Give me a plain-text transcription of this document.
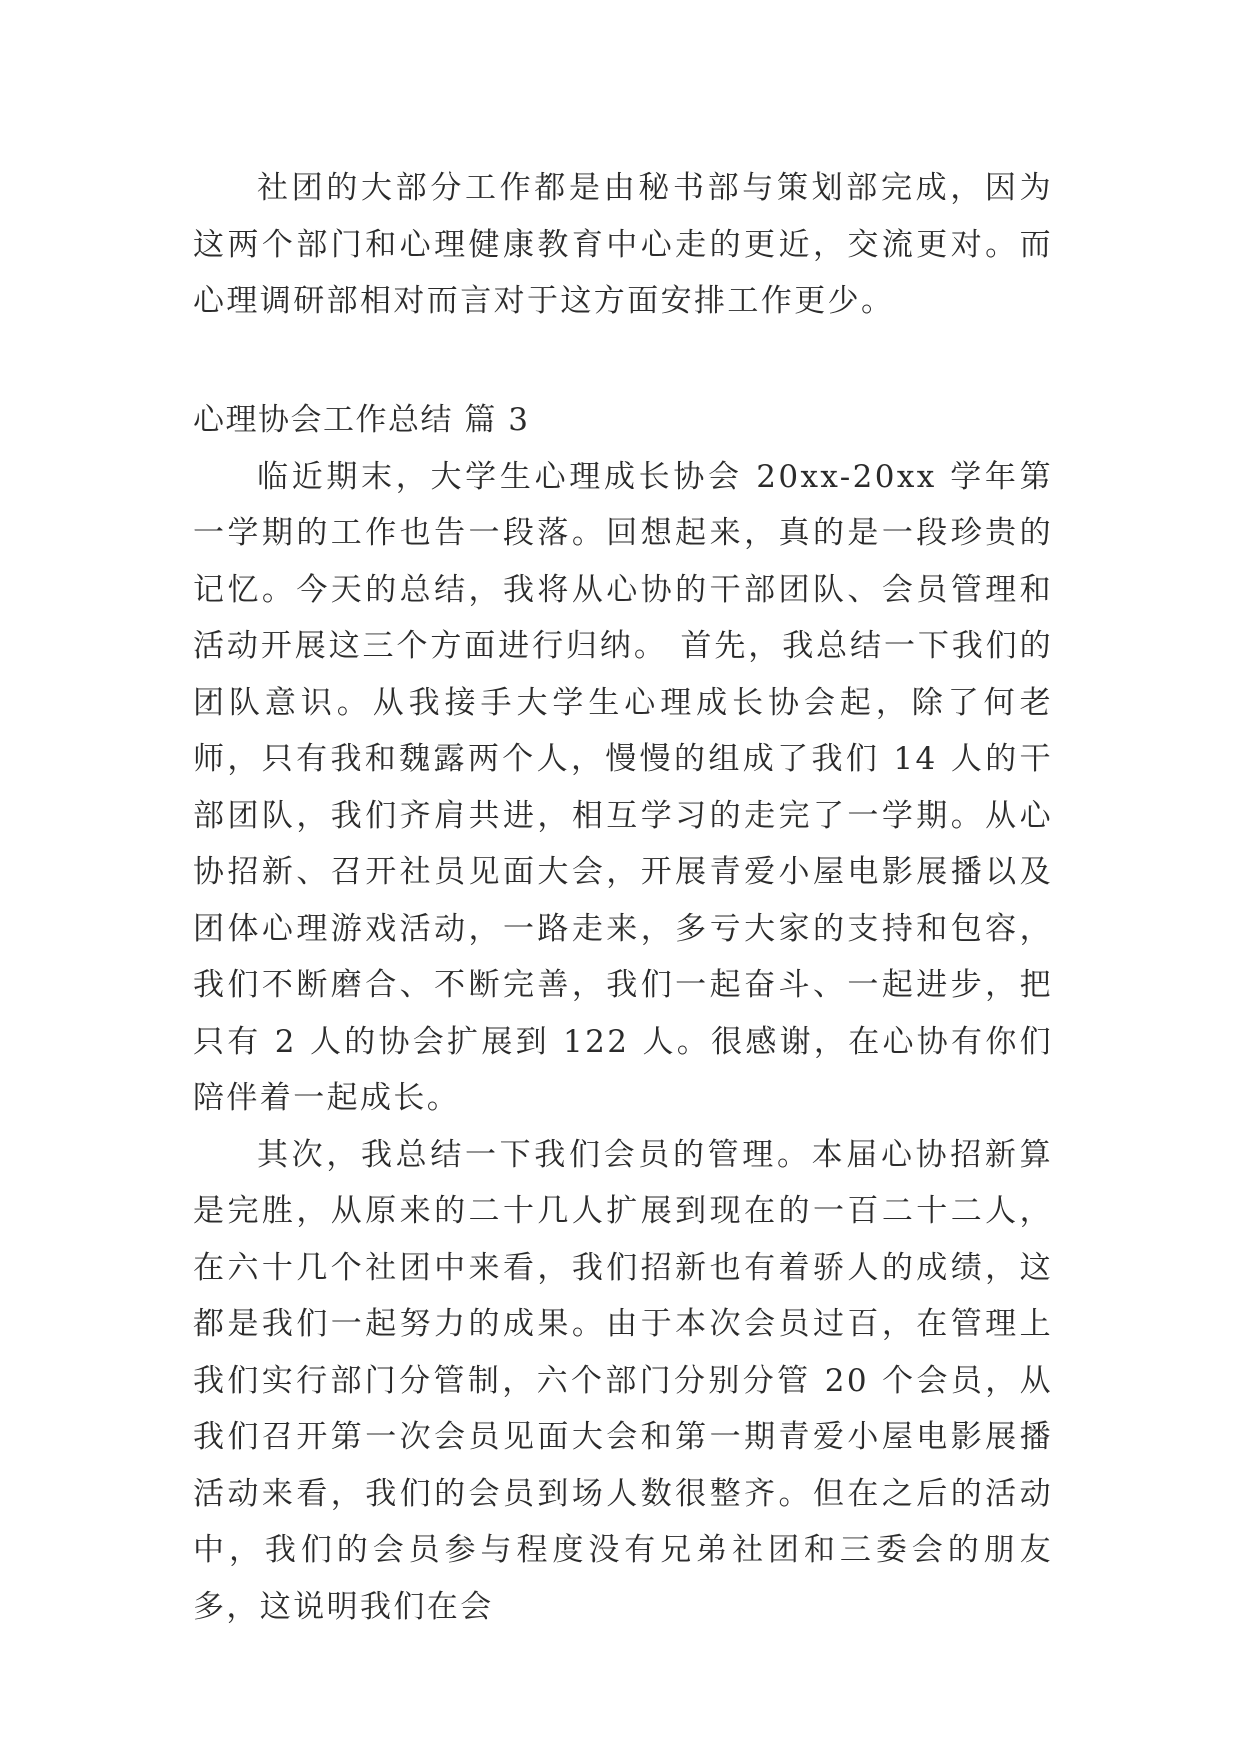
社团的大部分工作都是由秘书部与策划部完成，因为这两个部门和心理健康教育中心走的更近，交流更对。而心理调研部相对而言对于这方面安排工作更少。

心理协会工作总结 篇 3

临近期末，大学生心理成长协会 20xx-20xx 学年第一学期的工作也告一段落。回想起来，真的是一段珍贵的记忆。今天的总结，我将从心协的干部团队、会员管理和活动开展这三个方面进行归纳。 首先，我总结一下我们的团队意识。从我接手大学生心理成长协会起，除了何老师，只有我和魏露两个人，慢慢的组成了我们 14 人的干部团队，我们齐肩共进，相互学习的走完了一学期。从心协招新、召开社员见面大会，开展青爱小屋电影展播以及团体心理游戏活动，一路走来，多亏大家的支持和包容，我们不断磨合、不断完善，我们一起奋斗、一起进步，把只有 2 人的协会扩展到 122 人。很感谢，在心协有你们陪伴着一起成长。

其次，我总结一下我们会员的管理。本届心协招新算是完胜，从原来的二十几人扩展到现在的一百二十二人，在六十几个社团中来看，我们招新也有着骄人的成绩，这都是我们一起努力的成果。由于本次会员过百，在管理上我们实行部门分管制，六个部门分别分管 20 个会员，从我们召开第一次会员见面大会和第一期青爱小屋电影展播活动来看，我们的会员到场人数很整齐。但在之后的活动中，我们的会员参与程度没有兄弟社团和三委会的朋友多，这说明我们在会
